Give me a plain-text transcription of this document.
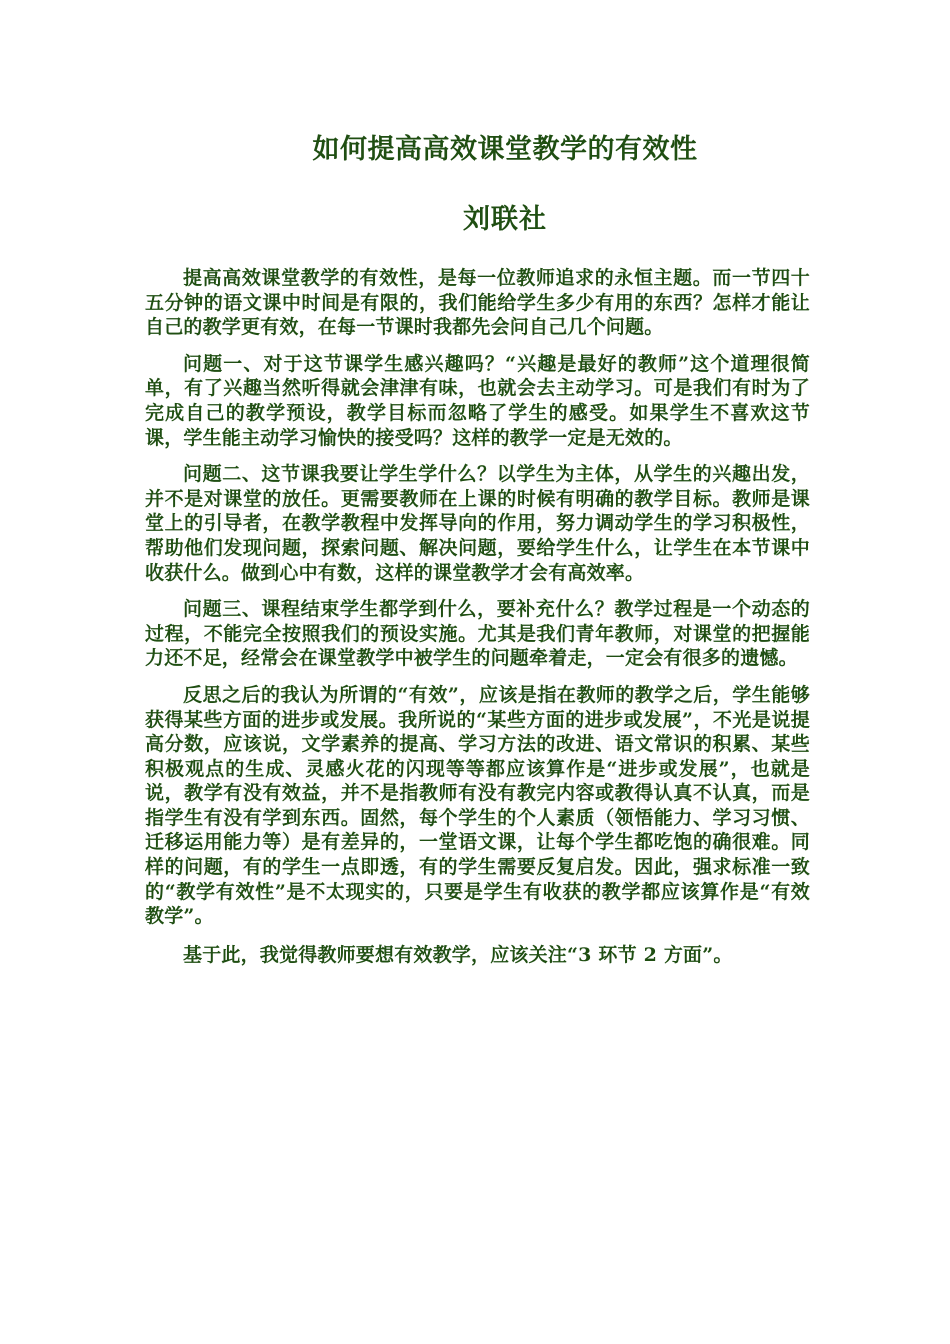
如何提高高效课堂教学的有效性
刘联社

提高高效课堂教学的有效性，是每一位教师追求的永恒主题。而一节四十五分钟的语文课中时间是有限的，我们能给学生多少有用的东西？怎样才能让自己的教学更有效，在每一节课时我都先会问自己几个问题。

问题一、对于这节课学生感兴趣吗？“兴趣是最好的教师”这个道理很简单，有了兴趣当然听得就会津津有味，也就会去主动学习。可是我们有时为了完成自己的教学预设，教学目标而忽略了学生的感受。如果学生不喜欢这节课，学生能主动学习愉快的接受吗？这样的教学一定是无效的。

问题二、这节课我要让学生学什么？以学生为主体，从学生的兴趣出发，并不是对课堂的放任。更需要教师在上课的时候有明确的教学目标。教师是课堂上的引导者，在教学教程中发挥导向的作用，努力调动学生的学习积极性，帮助他们发现问题，探索问题、解决问题，要给学生什么，让学生在本节课中收获什么。做到心中有数，这样的课堂教学才会有高效率。

问题三、课程结束学生都学到什么，要补充什么？教学过程是一个动态的过程，不能完全按照我们的预设实施。尤其是我们青年教师，对课堂的把握能力还不足，经常会在课堂教学中被学生的问题牵着走，一定会有很多的遗憾。

反思之后的我认为所谓的“有效”，应该是指在教师的教学之后，学生能够获得某些方面的进步或发展。我所说的“某些方面的进步或发展”，不光是说提高分数，应该说，文学素养的提高、学习方法的改进、语文常识的积累、某些积极观点的生成、灵感火花的闪现等等都应该算作是“进步或发展”，也就是说，教学有没有效益，并不是指教师有没有教完内容或教得认真不认真，而是指学生有没有学到东西。固然，每个学生的个人素质（领悟能力、学习习惯、迁移运用能力等）是有差异的，一堂语文课，让每个学生都吃饱的确很难。同样的问题，有的学生一点即透，有的学生需要反复启发。因此，强求标准一致的“教学有效性”是不太现实的，只要是学生有收获的教学都应该算作是“有效教学”。

基于此，我觉得教师要想有效教学，应该关注“3 环节 2 方面”。
